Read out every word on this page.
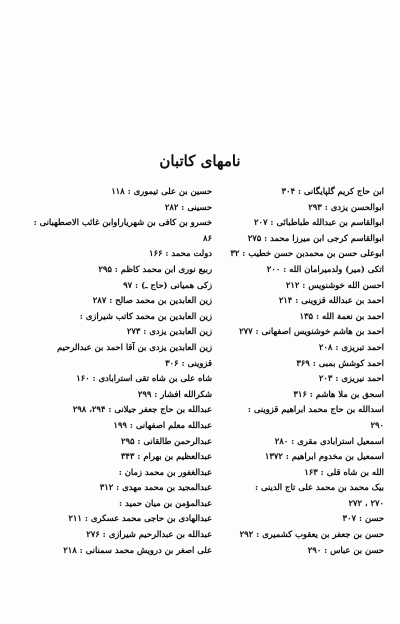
نامهای کاتبان
ابن حاج کریم گلپایگانی : ۳۰۴
ابوالحسن یزدی : ۲۹۳
ابوالقاسم بن عبدالله طباطبائی : ۲۰۷
ابوالقاسم کرجی ابن میرزا محمد : ۲۷۵
ابوعلی حسن بن محمدبن حسن خطیب : ۳۲
اتکی (میر) ولدمیرامان الله : ۲۰۰
احسن الله خوشنویس : ۲۱۲
احمد بن عبدالله قزوینی : ۲۱۴
احمد بن نعمة الله : ۱۳۵
احمد بن هاشم خوشنویس اصفهانی : ۲۷۷
احمد تبریزی : ۲۰۸
احمد کوشش بمبی : ۳۶۹
احمد نیریزی : ۲۰۳
اسحق بن ملا هاشم : ۳۱۶
اسدالله بن حاج محمد ابراهیم قزوینی :
۲۹۰
اسمعیل استرابادی مقری : ۲۸۰
اسمعیل بن مخدوم ابراهیم : ۱۳۷۲
الله بن شاه قلی : ۱۶۳
بیک محمد بن محمد علی تاج الدینی :
۲۷۰ ، ۲۷۲
حسن : ۳۰۷
حسن بن جعفر بن یعقوب کشمیری : ۲۹۲
حسن بن عباس : ۲۹۰
حسین بن علی تیموری : ۱۱۸
حسینی : ۲۸۲
خسرو بن کافی بن شهریاراوابن غائب الاصطهبانی :
۸۶
دولت محمد : ۱۶۶
ربیع نوری ابن محمد کاظم : ۲۹۵
زکی همیانی (حاج ـ) : ۹۷
زین العابدین بن محمد صالح : ۲۸۷
زین العابدین بن محمد کاتب شیرازی :
زین العابدین یزدی : ۲۷۳
زین العابدین یزدی بن آقا احمد بن عبدالرحیم
قزوینی : ۳۰۶
شاه علی بن شاه تقی استرابادی : ۱۶۰
شکرالله افشار : ۲۹۹
عبدالله بن حاج جعفر جیلانی : ۲۹۴، ۲۹۸
عبدالله معلم اصفهانی : ۱۹۹
عبدالرحمن طالقانی : ۲۹۵
عبدالعظیم بن بهرام : ۳۴۳
عبدالغفور بن محمد زمان :
عبدالمجید بن محمد مهدی : ۳۱۲
عبدالمؤمن بن میان حمید :
عبدالهادی بن حاجی محمد عسکری : ۲۱۱
عبدالله بن عبدالرحیم شیرازی : ۲۷۶
علی اصغر بن درویش محمد سمنانی : ۲۱۸
